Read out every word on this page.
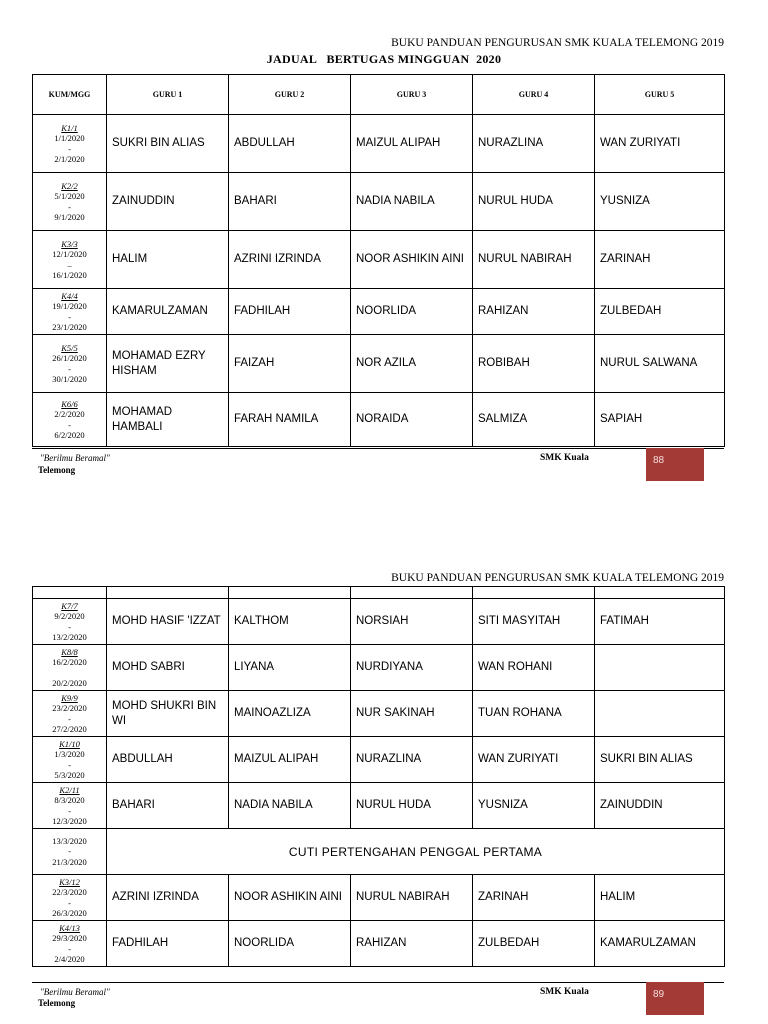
BUKU PANDUAN PENGURUSAN SMK KUALA TELEMONG 2019
JADUAL   BERTUGAS MINGGUAN  2020
KUM/MGG	GURU 1	GURU 2	GURU 3	GURU 4	GURU 5

K1/1
1/1/2020
-
2/1/2020	SUKRI BIN ALIAS	ABDULLAH	MAIZUL ALIPAH	NURAZLINA	WAN ZURIYATI

K2/2
5/1/2020
-
9/1/2020	ZAINUDDIN	BAHARI	NADIA NABILA	NURUL HUDA	YUSNIZA

K3/3
12/1/2020
–
16/1/2020	HALIM	AZRINI IZRINDA	NOOR ASHIKIN AINI	NURUL NABIRAH	ZARINAH

K4/4
19/1/2020
-
23/1/2020	KAMARULZAMAN	FADHILAH	NOORLIDA	RAHIZAN	ZULBEDAH

K5/5
26/1/2020
-
30/1/2020	MOHAMAD EZRY HISHAM	FAIZAH	NOR AZILA	ROBIBAH	NURUL SALWANA

K6/6
2/2/2020
-
6/2/2020	MOHAMAD HAMBALI	FARAH NAMILA	NORAIDA	SALMIZA	SAPIAH
"Berilmu Beramal"	SMK Kuala
Telemong
88
BUKU PANDUAN PENGURUSAN SMK KUALA TELEMONG 2019

K7/7
9/2/2020
-
13/2/2020	MOHD HASIF 'IZZAT	KALTHOM	NORSIAH	SITI MASYITAH	FATIMAH

K8/8
16/2/2020

20/2/2020	MOHD SABRI	LIYANA	NURDIYANA	WAN ROHANI	

K9/9
23/2/2020
-
27/2/2020	MOHD SHUKRI BIN WI	MAINOAZLIZA	NUR SAKINAH	TUAN ROHANA	

K1/10
1/3/2020
-
5/3/2020	ABDULLAH	MAIZUL ALIPAH	NURAZLINA	WAN ZURIYATI	SUKRI BIN ALIAS

K2/11
8/3/2020
-
12/3/2020	BAHARI	NADIA NABILA	NURUL HUDA	YUSNIZA	ZAINUDDIN
13/3/2020
-
21/3/2020	CUTI PERTENGAHAN PENGGAL PERTAMA				

K3/12
22/3/2020
-
26/3/2020	AZRINI IZRINDA	NOOR ASHIKIN AINI	NURUL NABIRAH	ZARINAH	HALIM

K4/13
29/3/2020
-
2/4/2020	FADHILAH	NOORLIDA	RAHIZAN	ZULBEDAH	KAMARULZAMAN
"Berilmu Beramal"	SMK Kuala
Telemong
89
